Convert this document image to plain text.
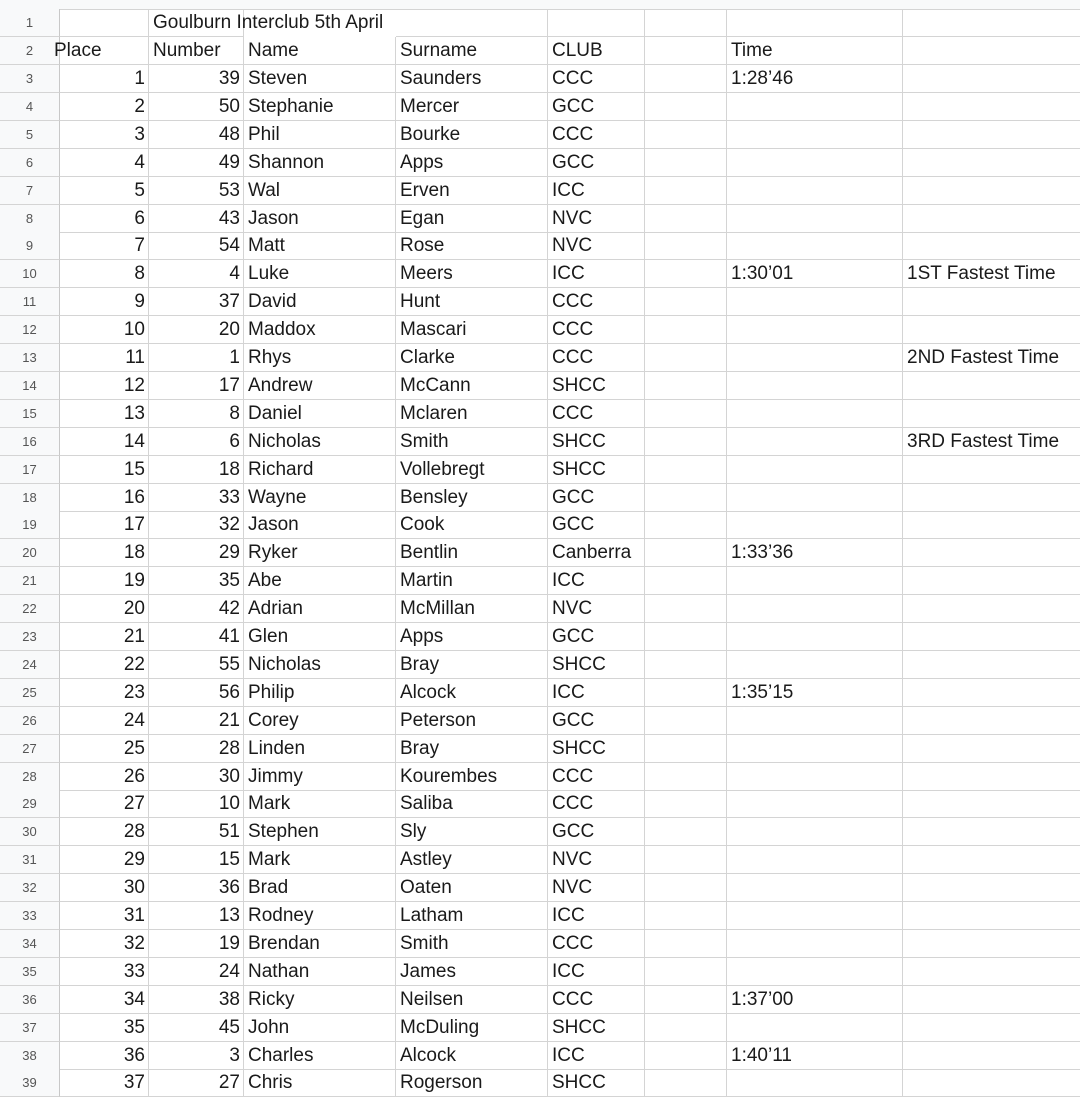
1	Goulburn Interclub 5th April
2	Place	Number	Name	Surname	CLUB	Time
3	1	39 Steven	Saunders	CCC	1:28’46
4	2	50 Stephanie	Mercer	GCC
5	3	48 Phil	Bourke	CCC
6	4	49 Shannon	Apps	GCC
7	5	53 Wal	Erven	ICC
8	6	43 Jason	Egan	NVC
9	7	54 Matt	Rose	NVC
10	8	4 Luke	Meers	ICC	1:30’01	1ST Fastest Time
11	9	37 David	Hunt	CCC
12	10	20 Maddox	Mascari	CCC
13	11	1 Rhys	Clarke	CCC	2ND Fastest Time
14	12	17 Andrew	McCann	SHCC
15	13	8 Daniel	Mclaren	CCC
16	14	6 Nicholas	Smith	SHCC	3RD Fastest Time
17	15	18 Richard	Vollebregt	SHCC
18	16	33 Wayne	Bensley	GCC
19	17	32 Jason	Cook	GCC
20	18	29 Ryker	Bentlin	Canberra	1:33’36
21	19	35 Abe	Martin	ICC
22	20	42 Adrian	McMillan	NVC
23	21	41 Glen	Apps	GCC
24	22	55 Nicholas	Bray	SHCC
25	23	56 Philip	Alcock	ICC	1:35’15
26	24	21 Corey	Peterson	GCC
27	25	28 Linden	Bray	SHCC
28	26	30 Jimmy	Kourembes	CCC
29	27	10 Mark	Saliba	CCC
30	28	51 Stephen	Sly	GCC
31	29	15 Mark	Astley	NVC
32	30	36 Brad	Oaten	NVC
33	31	13 Rodney	Latham	ICC
34	32	19 Brendan	Smith	CCC
35	33	24 Nathan	James	ICC
36	34	38 Ricky	Neilsen	CCC	1:37’00
37	35	45 John	McDuling	SHCC
38	36	3 Charles	Alcock	ICC	1:40’11
39	37	27 Chris	Rogerson	SHCC
